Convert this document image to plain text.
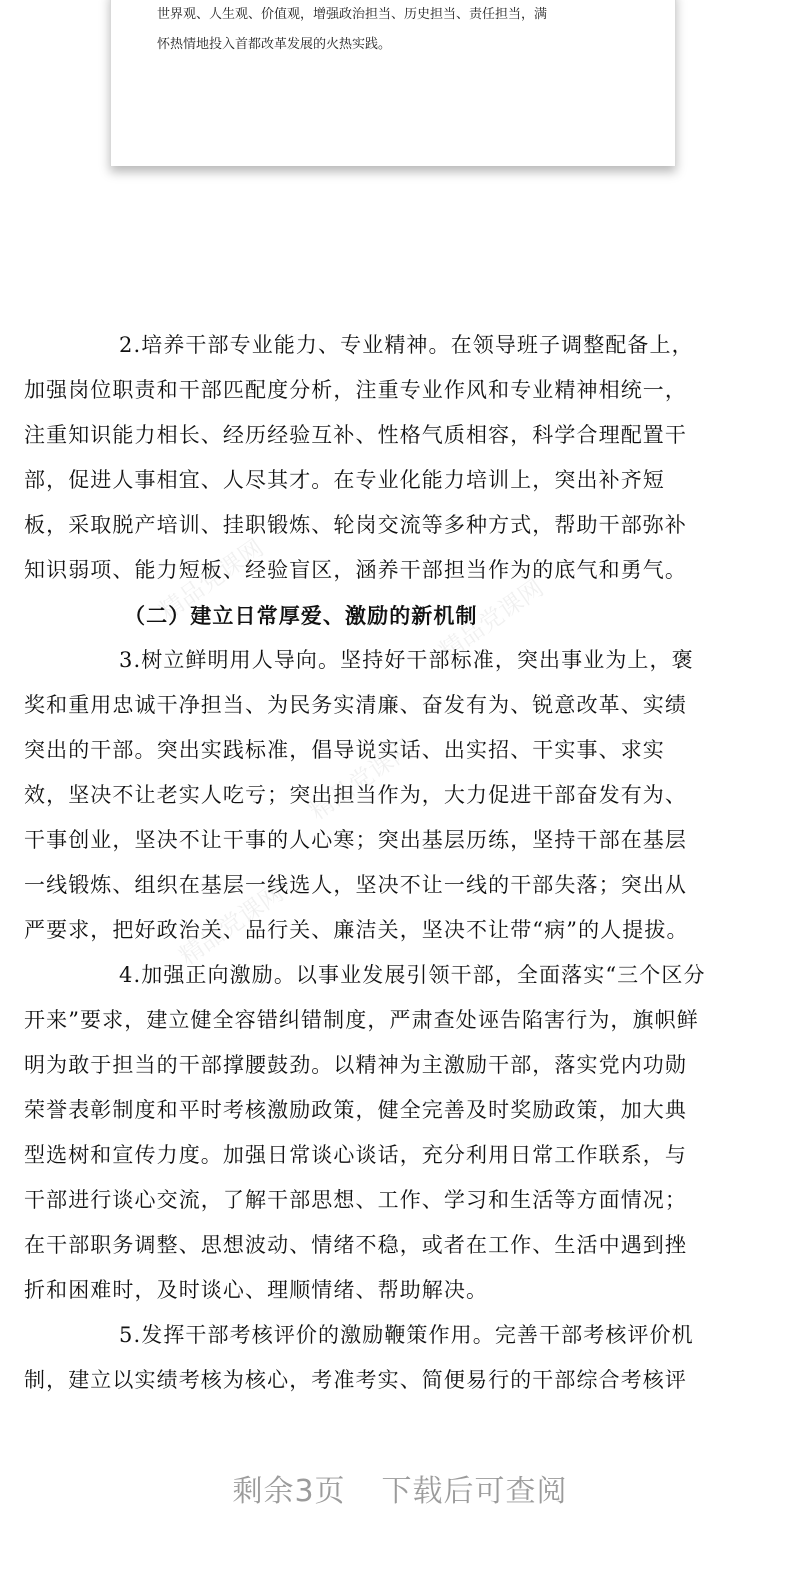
世界观、人生观、价值观，增强政治担当、历史担当、责任担当，满
怀热情地投入首都改革发展的火热实践。
精品党课网	精品党课网
精品党课网
精品党课网
2.培养干部专业能力、专业精神。在领导班子调整配备上，
加强岗位职责和干部匹配度分析，注重专业作风和专业精神相统一，
注重知识能力相长、经历经验互补、性格气质相容，科学合理配置干
部，促进人事相宜、人尽其才。在专业化能力培训上，突出补齐短
板，采取脱产培训、挂职锻炼、轮岗交流等多种方式，帮助干部弥补
知识弱项、能力短板、经验盲区，涵养干部担当作为的底气和勇气。
（二）建立日常厚爱、激励的新机制
3.树立鲜明用人导向。坚持好干部标准，突出事业为上，褒
奖和重用忠诚干净担当、为民务实清廉、奋发有为、锐意改革、实绩
突出的干部。突出实践标准，倡导说实话、出实招、干实事、求实
效，坚决不让老实人吃亏；突出担当作为，大力促进干部奋发有为、
干事创业，坚决不让干事的人心寒；突出基层历练，坚持干部在基层
一线锻炼、组织在基层一线选人，坚决不让一线的干部失落；突出从
严要求，把好政治关、品行关、廉洁关，坚决不让带“病”的人提拔。
4.加强正向激励。以事业发展引领干部，全面落实“三个区分
开来”要求，建立健全容错纠错制度，严肃查处诬告陷害行为，旗帜鲜
明为敢于担当的干部撑腰鼓劲。以精神为主激励干部，落实党内功勋
荣誉表彰制度和平时考核激励政策，健全完善及时奖励政策，加大典
型选树和宣传力度。加强日常谈心谈话，充分利用日常工作联系，与
干部进行谈心交流，了解干部思想、工作、学习和生活等方面情况；
在干部职务调整、思想波动、情绪不稳，或者在工作、生活中遇到挫
折和困难时，及时谈心、理顺情绪、帮助解决。
5.发挥干部考核评价的激励鞭策作用。完善干部考核评价机
制，建立以实绩考核为核心，考准考实、简便易行的干部综合考核评
剩余3页 下载后可查阅
